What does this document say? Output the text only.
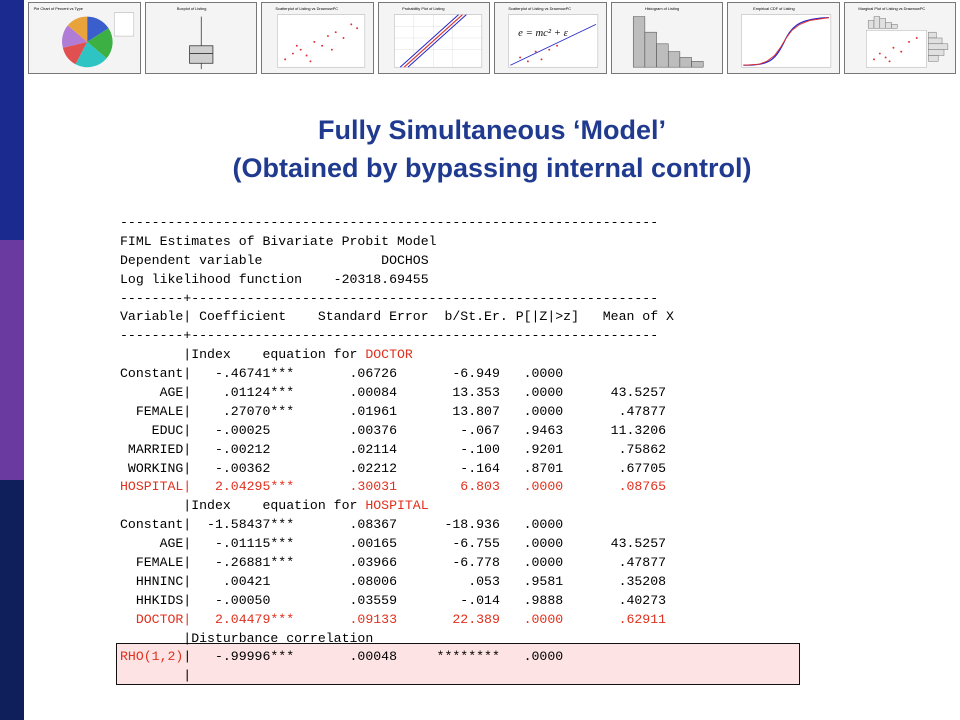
Pie Chart of Percent vs Type	Boxplot of Listing	Scatterplot of Listing vs DrawnowPC	Probability Plot of Listing	Scatterplot of Listing vs DrawnowPC
e = mc² + ε
Histogram of Listing	Empirical CDF of Listing	Marginal Plot of Listing vs DrawnowPC
Fully Simultaneous ‘Model’
(Obtained by bypassing internal control)
--------------------------------------------------------------------
FIML Estimates of Bivariate Probit Model
Dependent variable               DOCHOS
Log likelihood function    -20318.69455
--------+-----------------------------------------------------------
Variable| Coefficient    Standard Error  b/St.Er. P[|Z|>z]   Mean of X
--------+-----------------------------------------------------------
|Index    equation for DOCTOR
Constant|   -.46741***       .06726       -6.949   .0000
AGE|    .01124***       .00084       13.353   .0000      43.5257
FEMALE|    .27070***       .01961       13.807   .0000       .47877
EDUC|   -.00025          .00376        -.067   .9463      11.3206
MARRIED|   -.00212          .02114        -.100   .9201       .75862
WORKING|   -.00362          .02212        -.164   .8701       .67705
HOSPITAL|   2.04295***       .30031        6.803   .0000       .08765
|Index    equation for HOSPITAL
Constant|  -1.58437***       .08367      -18.936   .0000
AGE|   -.01115***       .00165       -6.755   .0000      43.5257
FEMALE|   -.26881***       .03966       -6.778   .0000       .47877
HHNINC|    .00421          .08006         .053   .9581       .35208
HHKIDS|   -.00050          .03559        -.014   .9888       .40273
DOCTOR|   2.04479***       .09133       22.389   .0000       .62911
|Disturbance correlation
RHO(1,2)|   -.99996***       .00048     ********   .0000
|
